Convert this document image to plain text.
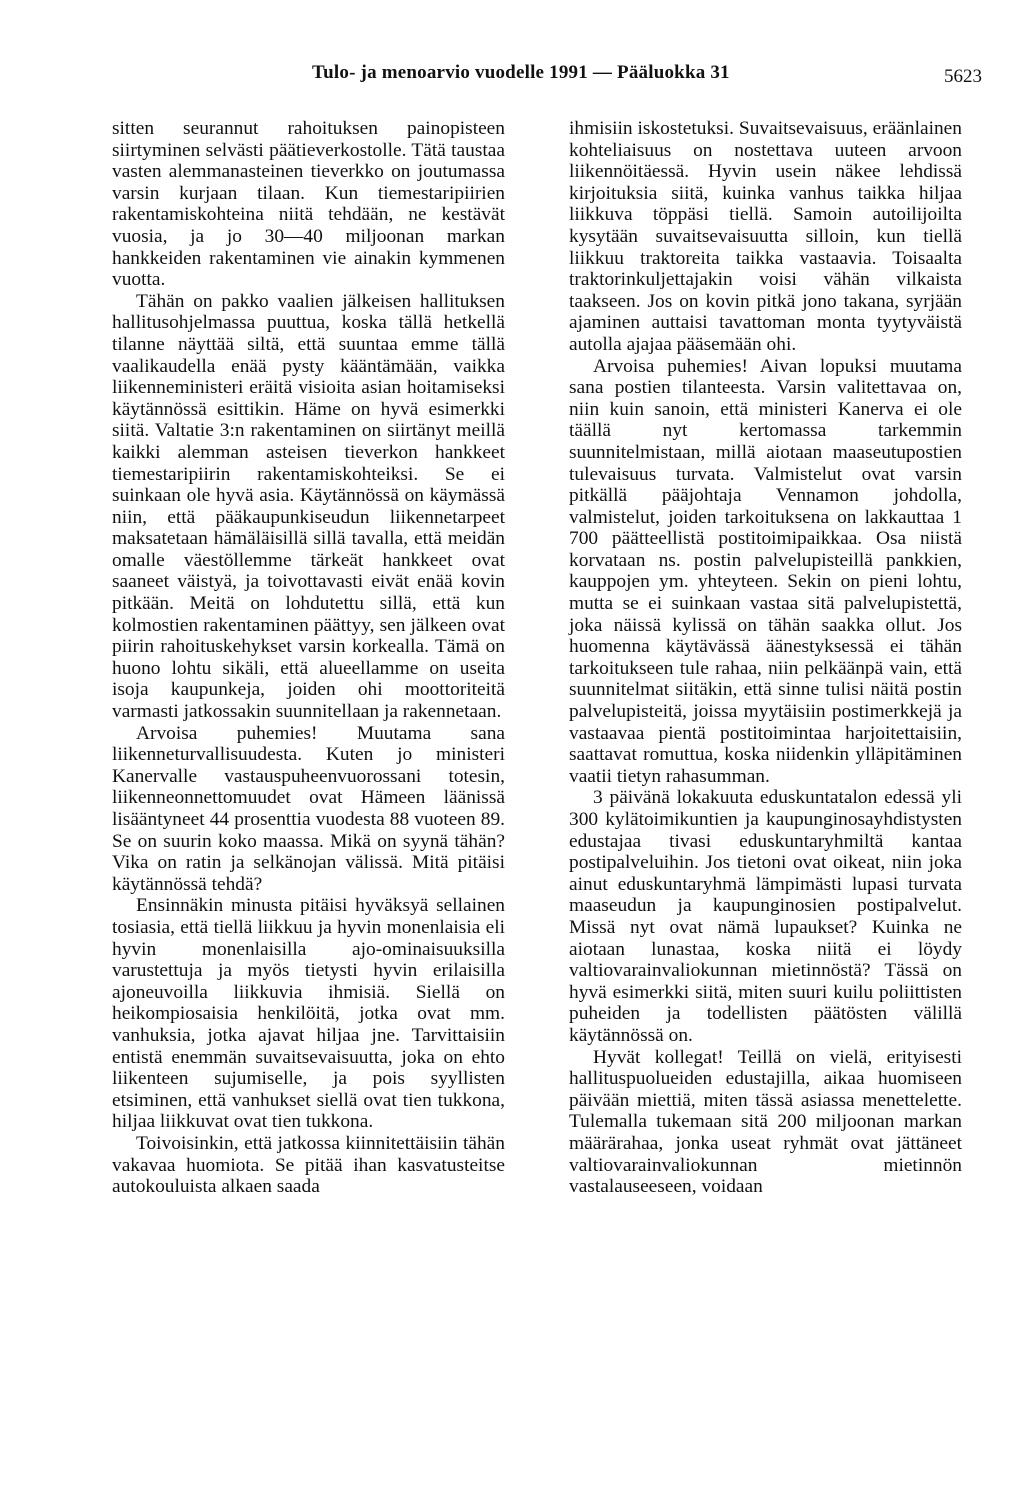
Tulo- ja menoarvio vuodelle 1991 — Pääluokka 31	5623

sitten seurannut rahoituksen painopisteen siirtyminen selvästi päätieverkostolle. Tätä taustaa vasten alemmanasteinen tieverkko on joutumassa varsin kurjaan tilaan. Kun tiemestaripiirien rakentamiskohteina niitä tehdään, ne kestävät vuosia, ja jo 30—40 miljoonan markan hankkeiden rakentaminen vie ainakin kymmenen vuotta.

Tähän on pakko vaalien jälkeisen hallituksen hallitusohjelmassa puuttua, koska tällä hetkellä tilanne näyttää siltä, että suuntaa emme tällä vaalikaudella enää pysty kääntämään, vaikka liikenneministeri eräitä visioita asian hoitamiseksi käytännössä esittikin. Häme on hyvä esimerkki siitä. Valtatie 3:n rakentaminen on siirtänyt meillä kaikki alemman asteisen tieverkon hankkeet tiemestaripiirin rakentamiskohteiksi. Se ei suinkaan ole hyvä asia. Käytännössä on käymässä niin, että pääkaupunkiseudun liikennetarpeet maksatetaan hämäläisillä sillä tavalla, että meidän omalle väestöllemme tärkeät hankkeet ovat saaneet väistyä, ja toivottavasti eivät enää kovin pitkään. Meitä on lohdutettu sillä, että kun kolmostien rakentaminen päättyy, sen jälkeen ovat piirin rahoituskehykset varsin korkealla. Tämä on huono lohtu sikäli, että alueellamme on useita isoja kaupunkeja, joiden ohi moottoriteitä varmasti jatkossakin suunnitellaan ja rakennetaan.

Arvoisa puhemies! Muutama sana liikenneturvallisuudesta. Kuten jo ministeri Kanervalle vastauspuheenvuorossani totesin, liikenneonnettomuudet ovat Hämeen läänissä lisääntyneet 44 prosenttia vuodesta 88 vuoteen 89. Se on suurin koko maassa. Mikä on syynä tähän? Vika on ratin ja selkänojan välissä. Mitä pitäisi käytännössä tehdä?

Ensinnäkin minusta pitäisi hyväksyä sellainen tosiasia, että tiellä liikkuu ja hyvin monenlaisia eli hyvin monenlaisilla ajo-ominaisuuksilla varustettuja ja myös tietysti hyvin erilaisilla ajoneuvoilla liikkuvia ihmisiä. Siellä on heikompiosaisia henkilöitä, jotka ovat mm. vanhuksia, jotka ajavat hiljaa jne. Tarvittaisiin entistä enemmän suvaitsevaisuutta, joka on ehto liikenteen sujumiselle, ja pois syyllisten etsiminen, että vanhukset siellä ovat tien tukkona, hiljaa liikkuvat ovat tien tukkona.

Toivoisinkin, että jatkossa kiinnitettäisiin tähän vakavaa huomiota. Se pitää ihan kasvatusteitse autokouluista alkaen saada

ihmisiin iskostetuksi. Suvaitsevaisuus, eräänlainen kohteliaisuus on nostettava uuteen arvoon liikennöitäessä. Hyvin usein näkee lehdissä kirjoituksia siitä, kuinka vanhus taikka hiljaa liikkuva töppäsi tiellä. Samoin autoilijoilta kysytään suvaitsevaisuutta silloin, kun tiellä liikkuu traktoreita taikka vastaavia. Toisaalta traktorinkuljettajakin voisi vähän vilkaista taakseen. Jos on kovin pitkä jono takana, syrjään ajaminen auttaisi tavattoman monta tyytyväistä autolla ajajaa pääsemään ohi.

Arvoisa puhemies! Aivan lopuksi muutama sana postien tilanteesta. Varsin valitettavaa on, niin kuin sanoin, että ministeri Kanerva ei ole täällä nyt kertomassa tarkemmin suunnitelmistaan, millä aiotaan maaseutupostien tulevaisuus turvata. Valmistelut ovat varsin pitkällä pääjohtaja Vennamon johdolla, valmistelut, joiden tarkoituksena on lakkauttaa 1 700 päätteellistä postitoimipaikkaa. Osa niistä korvataan ns. postin palvelupisteillä pankkien, kauppojen ym. yhteyteen. Sekin on pieni lohtu, mutta se ei suinkaan vastaa sitä palvelupistettä, joka näissä kylissä on tähän saakka ollut. Jos huomenna käytävässä äänestyksessä ei tähän tarkoitukseen tule rahaa, niin pelkäänpä vain, että suunnitelmat siitäkin, että sinne tulisi näitä postin palvelupisteitä, joissa myytäisiin postimerkkejä ja vastaavaa pientä postitoimintaa harjoitettaisiin, saattavat romuttua, koska niidenkin ylläpitäminen vaatii tietyn rahasumman.

3 päivänä lokakuuta eduskuntatalon edessä yli 300 kylätoimikuntien ja kaupunginosayhdistysten edustajaa tivasi eduskuntaryhmiltä kantaa postipalveluihin. Jos tietoni ovat oikeat, niin joka ainut eduskuntaryhmä lämpimästi lupasi turvata maaseudun ja kaupunginosien postipalvelut. Missä nyt ovat nämä lupaukset? Kuinka ne aiotaan lunastaa, koska niitä ei löydy valtiovarainvaliokunnan mietinnöstä? Tässä on hyvä esimerkki siitä, miten suuri kuilu poliittisten puheiden ja todellisten päätösten välillä käytännössä on.

Hyvät kollegat! Teillä on vielä, erityisesti hallituspuolueiden edustajilla, aikaa huomiseen päivään miettiä, miten tässä asiassa menettelette. Tulemalla tukemaan sitä 200 miljoonan markan määrärahaa, jonka useat ryhmät ovat jättäneet valtiovarainvaliokunnan mietinnön vastalauseeseen, voidaan
